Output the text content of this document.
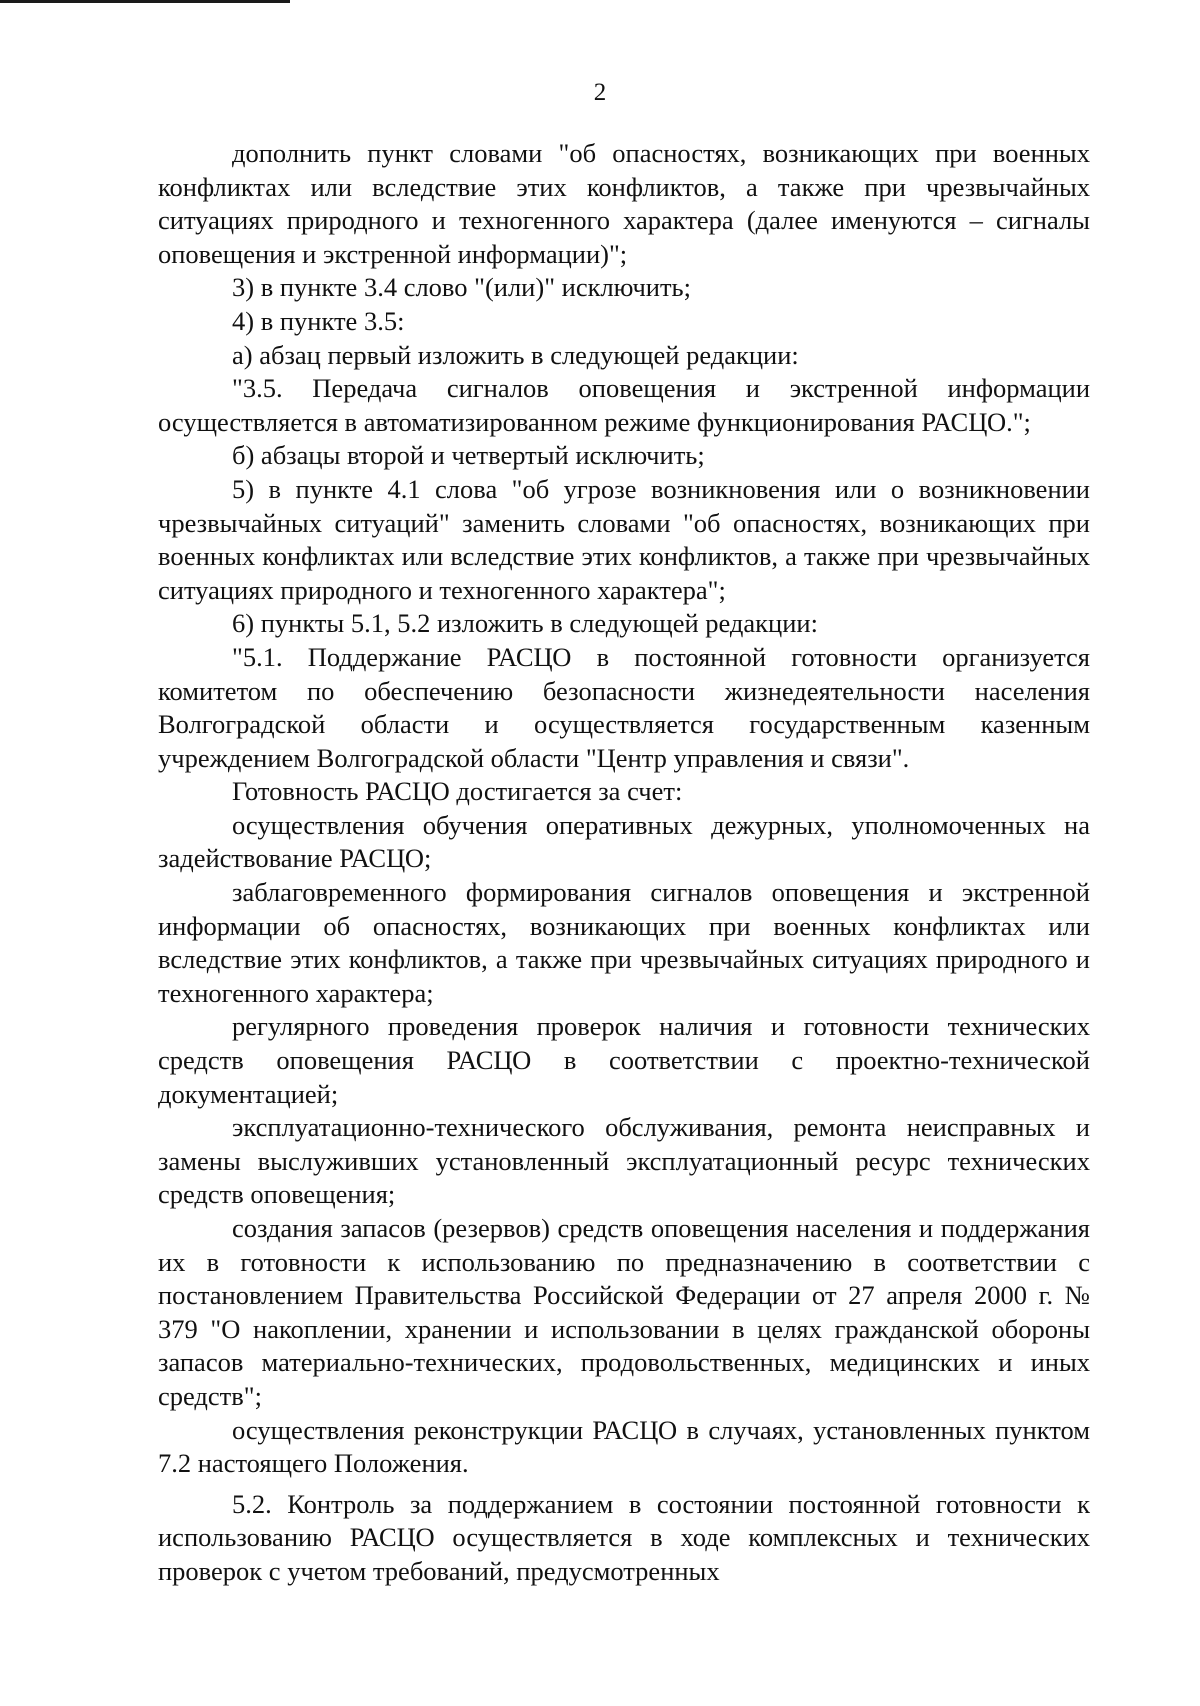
2

дополнить пункт словами "об опасностях, возникающих при военных конфликтах или вследствие этих конфликтов, а также при чрезвычайных ситуациях природного и техногенного характера (далее именуются – сигналы оповещения и экстренной информации)";

3) в пункте 3.4 слово "(или)" исключить;

4) в пункте 3.5:

а) абзац первый изложить в следующей редакции:

"3.5. Передача сигналов оповещения и экстренной информации осуществляется в автоматизированном режиме функционирования РАСЦО.";

б) абзацы второй и четвертый исключить;

5) в пункте 4.1 слова "об угрозе возникновения или о возникновении чрезвычайных ситуаций" заменить словами "об опасностях, возникающих при военных конфликтах или вследствие этих конфликтов, а также при чрезвычайных ситуациях природного и техногенного характера";

6) пункты 5.1, 5.2 изложить в следующей редакции:

"5.1. Поддержание РАСЦО в постоянной готовности организуется комитетом по обеспечению безопасности жизнедеятельности населения Волгоградской области и осуществляется государственным казенным учреждением Волгоградской области "Центр управления и связи".

Готовность РАСЦО достигается за счет:

осуществления обучения оперативных дежурных, уполномоченных на задействование РАСЦО;

заблаговременного формирования сигналов оповещения и экстренной информации об опасностях, возникающих при военных конфликтах или вследствие этих конфликтов, а также при чрезвычайных ситуациях природного и техногенного характера;

регулярного проведения проверок наличия и готовности технических средств оповещения РАСЦО в соответствии с проектно-технической документацией;

эксплуатационно-технического обслуживания, ремонта неисправных и замены выслуживших установленный эксплуатационный ресурс технических средств оповещения;

создания запасов (резервов) средств оповещения населения и поддержания их в готовности к использованию по предназначению в соответствии с постановлением Правительства Российской Федерации от 27 апреля 2000 г. № 379 "О накоплении, хранении и использовании в целях гражданской обороны запасов материально-технических, продовольственных, медицинских и иных средств";

осуществления реконструкции РАСЦО в случаях, установленных пунктом 7.2 настоящего Положения.

5.2. Контроль за поддержанием в состоянии постоянной готовности к использованию РАСЦО осуществляется в ходе комплексных и технических проверок с учетом требований, предусмотренных
